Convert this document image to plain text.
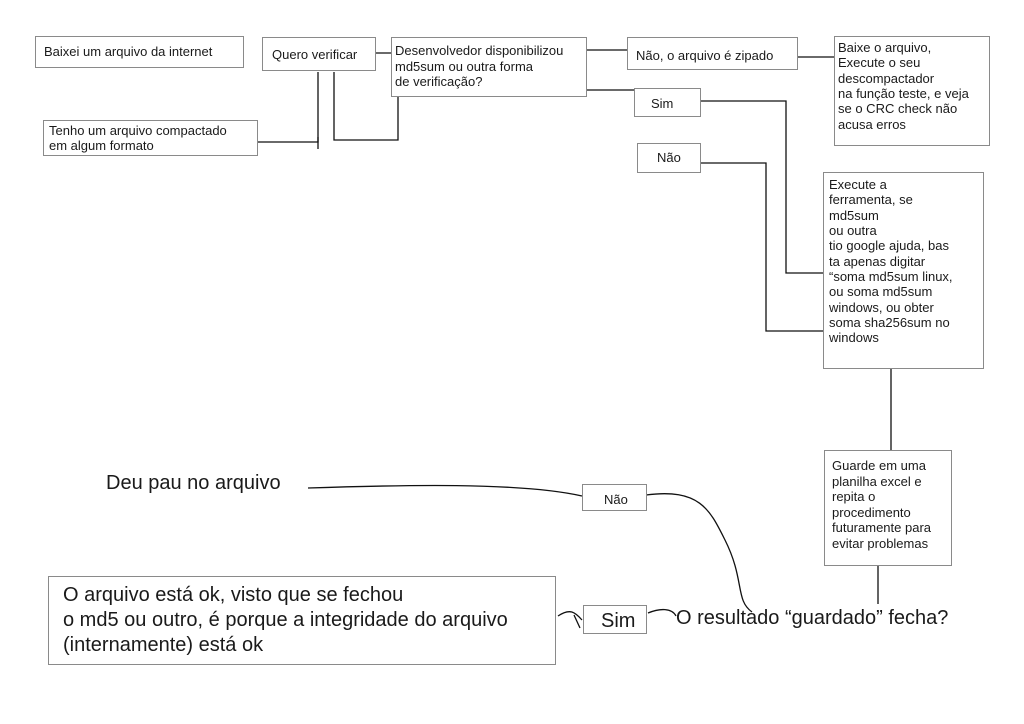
Baixei um arquivo da internet	Quero verificar
Tenho um arquivo compactado
em algum formato
Desenvolvedor disponibilizou
md5sum ou outra forma
de verificação?
Não, o arquivo é zipado
Baixe o arquivo,
Execute o seu
descompactador
na função teste, e veja
se o CRC check não
acusa erros
Sim
Não
Execute a
ferramenta, se
md5sum
ou outra
tio google ajuda, bas
ta apenas digitar
“soma md5sum linux,
ou soma md5sum
windows, ou obter
soma sha256sum no
windows
Guarde em uma
planilha excel e
repita o
procedimento
futuramente para
evitar problemas
Deu pau no arquivo
Não
Sim	O resultado “guardado” fecha?
O arquivo está ok, visto que se fechou
o md5 ou outro, é porque a integridade do arquivo
(internamente) está ok
